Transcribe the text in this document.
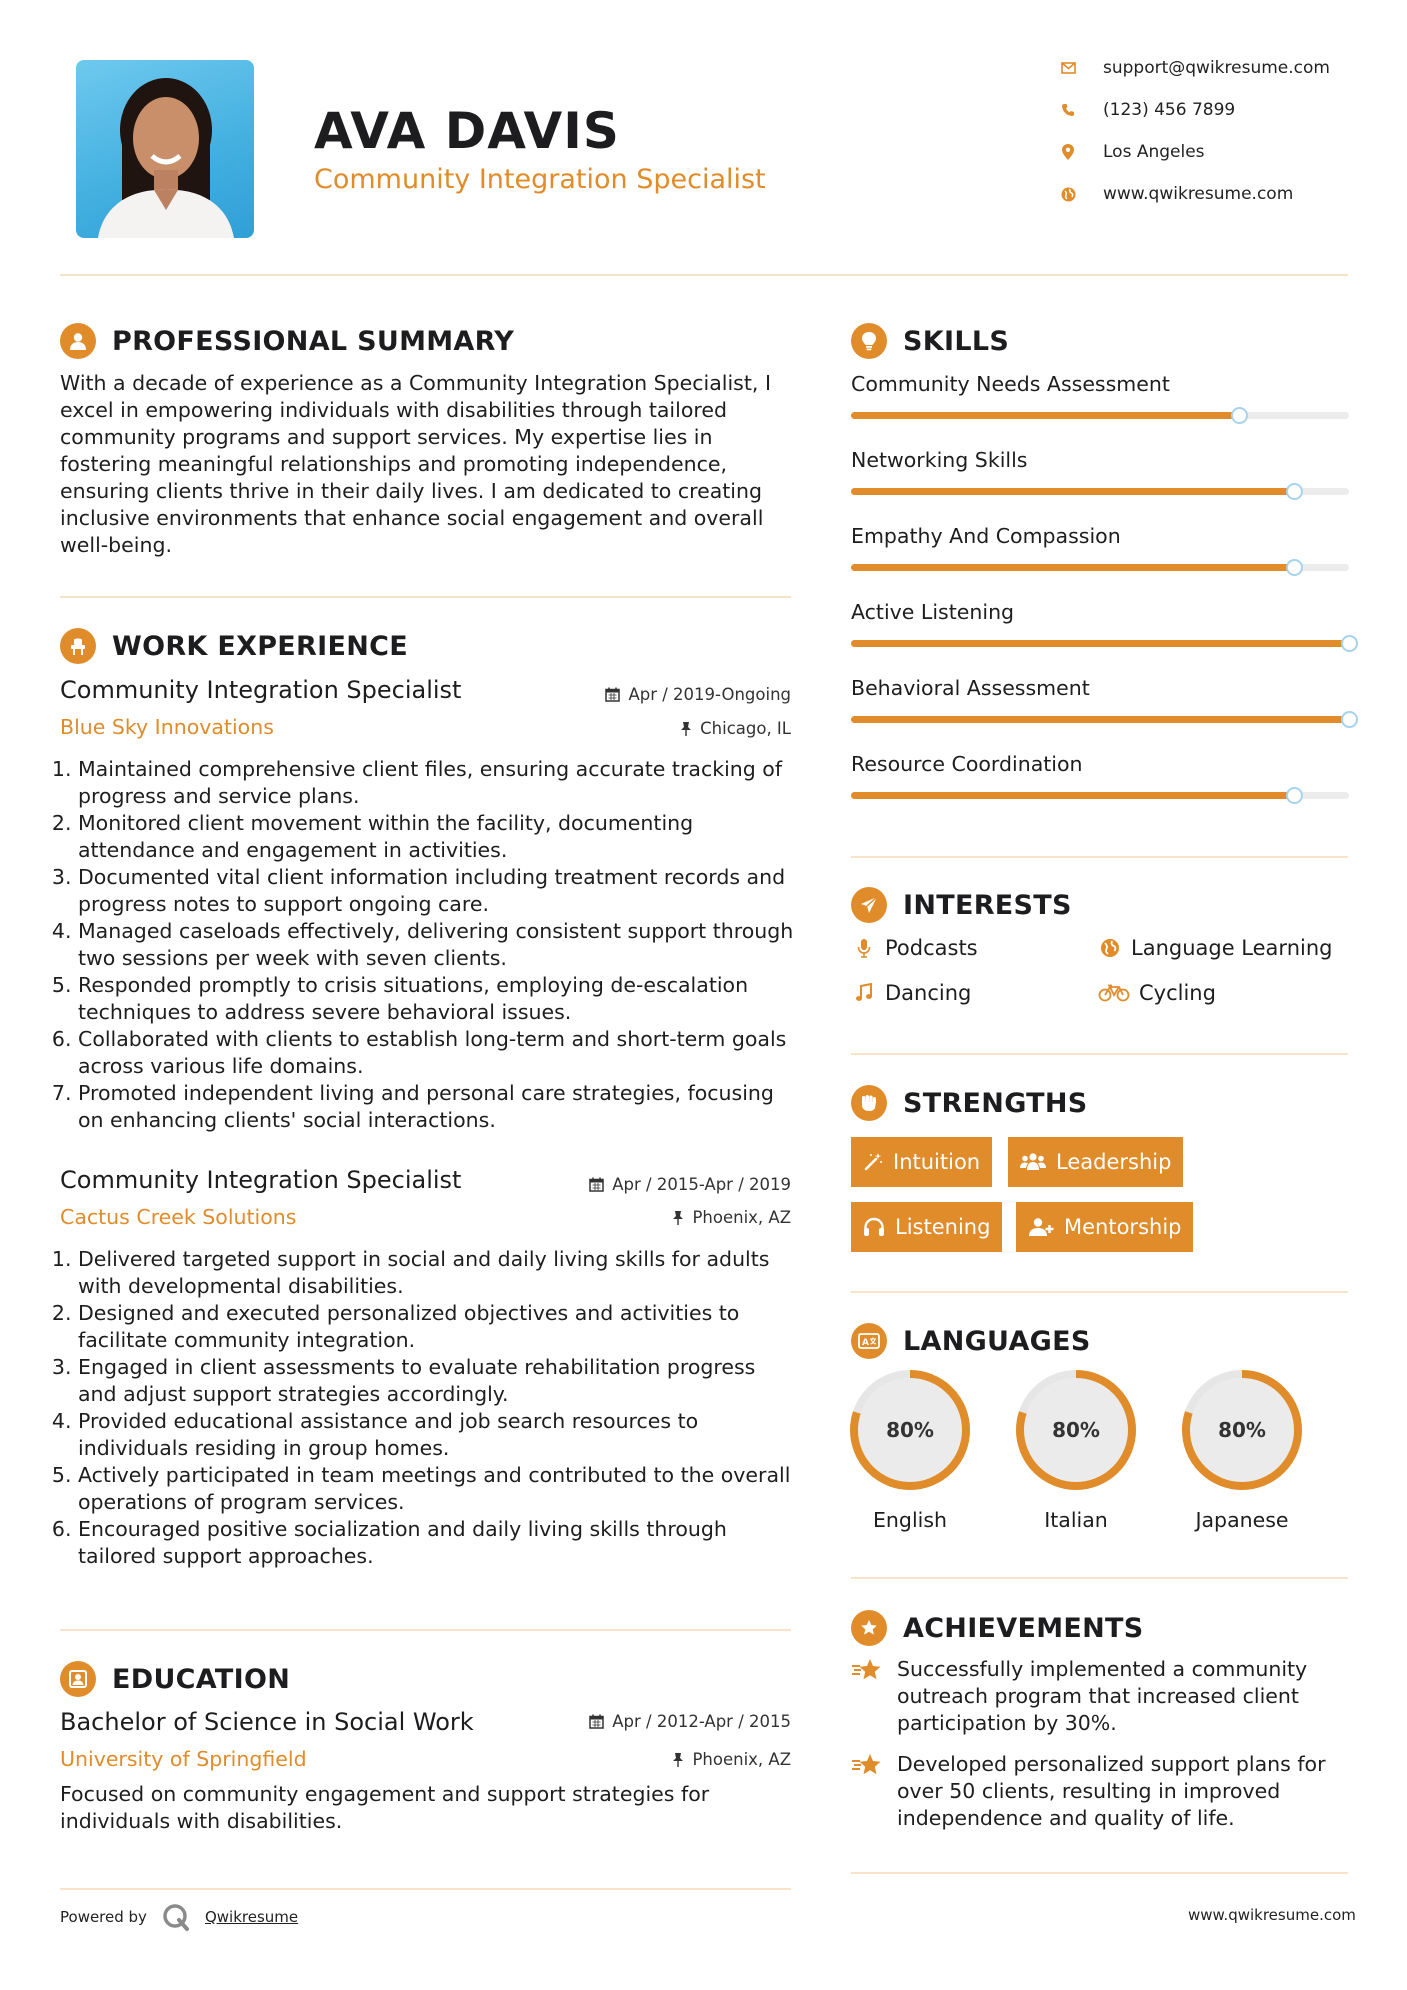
AVA DAVIS
Community Integration Specialist
support@qwikresume.com
(123) 456 7899
Los Angeles
www.qwikresume.com
PROFESSIONAL SUMMARY
With a decade of experience as a Community Integration Specialist, I excel in empowering individuals with disabilities through tailored community programs and support services. My expertise lies in fostering meaningful relationships and promoting independence, ensuring clients thrive in their daily lives. I am dedicated to creating inclusive environments that enhance social engagement and overall well-being.
WORK EXPERIENCE
Community Integration Specialist	Apr / 2019-Ongoing
Blue Sky Innovations	Chicago, IL
1. Maintained comprehensive client files, ensuring accurate tracking of progress and service plans.
2. Monitored client movement within the facility, documenting attendance and engagement in activities.
3. Documented vital client information including treatment records and progress notes to support ongoing care.
4. Managed caseloads effectively, delivering consistent support through two sessions per week with seven clients.
5. Responded promptly to crisis situations, employing de-escalation techniques to address severe behavioral issues.
6. Collaborated with clients to establish long-term and short-term goals across various life domains.
7. Promoted independent living and personal care strategies, focusing on enhancing clients' social interactions.
Community Integration Specialist	Apr / 2015-Apr / 2019
Cactus Creek Solutions	Phoenix, AZ
1. Delivered targeted support in social and daily living skills for adults with developmental disabilities.
2. Designed and executed personalized objectives and activities to facilitate community integration.
3. Engaged in client assessments to evaluate rehabilitation progress and adjust support strategies accordingly.
4. Provided educational assistance and job search resources to individuals residing in group homes.
5. Actively participated in team meetings and contributed to the overall operations of program services.
6. Encouraged positive socialization and daily living skills through tailored support approaches.
EDUCATION
Bachelor of Science in Social Work	Apr / 2012-Apr / 2015
University of Springfield	Phoenix, AZ
Focused on community engagement and support strategies for individuals with disabilities.
SKILLS
Community Needs Assessment
Networking Skills
Empathy And Compassion
Active Listening
Behavioral Assessment
Resource Coordination
INTERESTS
Podcasts	Language Learning
Dancing	Cycling
STRENGTHS
Intuition	Leadership
Listening	Mentorship
A LANGUAGES
80%
English
80%
Italian
80%
Japanese
ACHIEVEMENTS
Successfully implemented a community outreach program that increased client participation by 30%.
Developed personalized support plans for over 50 clients, resulting in improved independence and quality of life.
Powered by	Qwikresume	www.qwikresume.com
